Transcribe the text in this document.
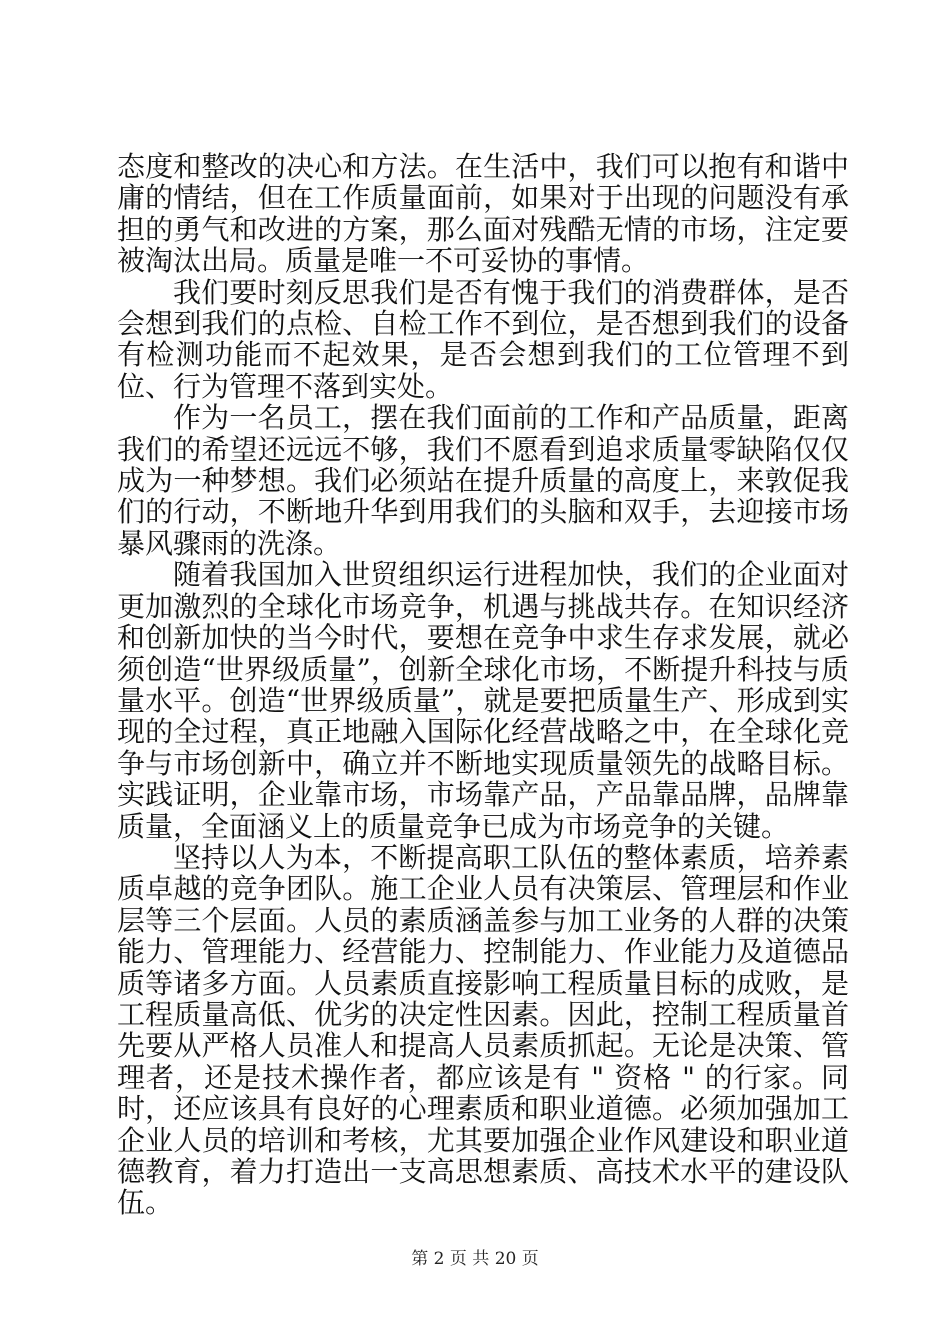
态度和整改的决心和方法。在生活中，我们可以抱有和谐中庸的情结，但在工作质量面前，如果对于出现的问题没有承担的勇气和改进的方案，那么面对残酷无情的市场，注定要被淘汰出局。质量是唯一不可妥协的事情。

我们要时刻反思我们是否有愧于我们的消费群体，是否会想到我们的点检、自检工作不到位，是否想到我们的设备有检测功能而不起效果，是否会想到我们的工位管理不到位、行为管理不落到实处。

作为一名员工，摆在我们面前的工作和产品质量，距离我们的希望还远远不够，我们不愿看到追求质量零缺陷仅仅成为一种梦想。我们必须站在提升质量的高度上，来敦促我们的行动，不断地升华到用我们的头脑和双手，去迎接市场暴风骤雨的洗涤。

随着我国加入世贸组织运行进程加快，我们的企业面对更加激烈的全球化市场竞争，机遇与挑战共存。在知识经济和创新加快的当今时代，要想在竞争中求生存求发展，就必须创造“世界级质量”，创新全球化市场，不断提升科技与质量水平。创造“世界级质量”，就是要把质量生产、形成到实现的全过程，真正地融入国际化经营战略之中，在全球化竞争与市场创新中，确立并不断地实现质量领先的战略目标。实践证明，企业靠市场，市场靠产品，产品靠品牌，品牌靠质量，全面涵义上的质量竞争已成为市场竞争的关键。

坚持以人为本，不断提高职工队伍的整体素质，培养素质卓越的竞争团队。施工企业人员有决策层、管理层和作业层等三个层面。人员的素质涵盖参与加工业务的人群的决策能力、管理能力、经营能力、控制能力、作业能力及道德品质等诸多方面。人员素质直接影响工程质量目标的成败，是工程质量高低、优劣的决定性因素。因此，控制工程质量首先要从严格人员准人和提高人员素质抓起。无论是决策、管理者，还是技术操作者，都应该是有 " 资格 " 的行家。同时，还应该具有良好的心理素质和职业道德。必须加强加工企业人员的培训和考核，尤其要加强企业作风建设和职业道德教育，着力打造出一支高思想素质、高技术水平的建设队伍。

第 2 页 共 20 页
